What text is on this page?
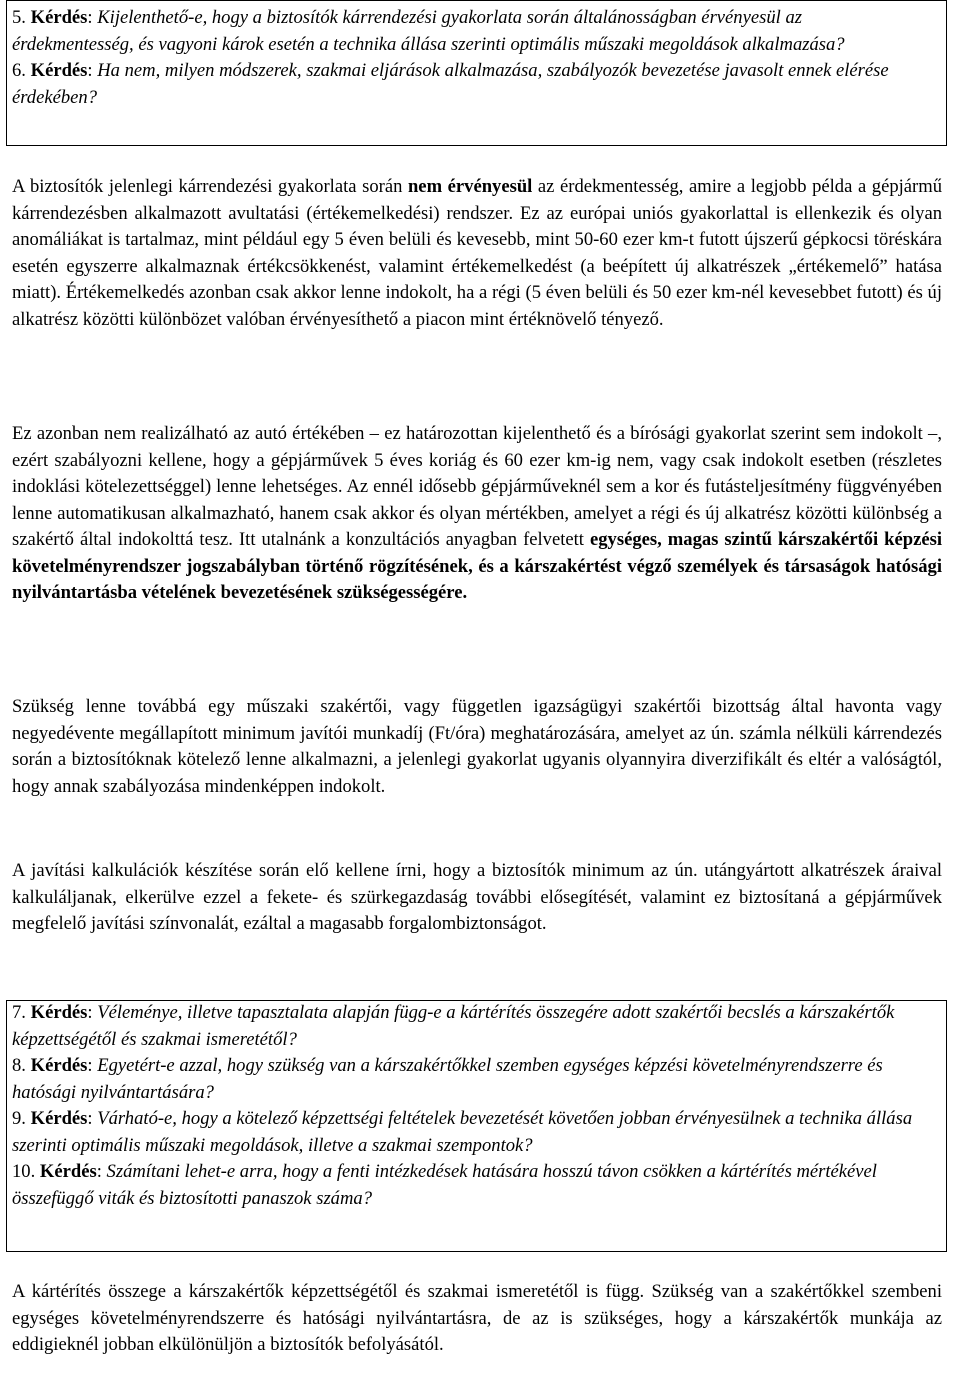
5. Kérdés: Kijelenthető-e, hogy a biztosítók kárrendezési gyakorlata során általánosságban érvényesül az érdekmentesség, és vagyoni károk esetén a technika állása szerinti optimális műszaki megoldások alkalmazása?

6. Kérdés: Ha nem, milyen módszerek, szakmai eljárások alkalmazása, szabályozók bevezetése javasolt ennek elérése érdekében?

A biztosítók jelenlegi kárrendezési gyakorlata során nem érvényesül az érdekmentesség, amire a legjobb példa a gépjármű kárrendezésben alkalmazott avultatási (értékemelkedési) rendszer. Ez az európai uniós gyakorlattal is ellenkezik és olyan anomáliákat is tartalmaz, mint például egy 5 éven belüli és kevesebb, mint 50-60 ezer km-t futott újszerű gépkocsi töréskára esetén egyszerre alkalmaznak értékcsökkenést, valamint értékemelkedést (a beépített új alkatrészek „értékemelő” hatása miatt). Értékemelkedés azonban csak akkor lenne indokolt, ha a régi (5 éven belüli és 50 ezer km-nél kevesebbet futott) és új alkatrész közötti különbözet valóban érvényesíthető a piacon mint értéknövelő tényező.

Ez azonban nem realizálható az autó értékében – ez határozottan kijelenthető és a bírósági gyakorlat szerint sem indokolt –, ezért szabályozni kellene, hogy a gépjárművek 5 éves koriág és 60 ezer km-ig nem, vagy csak indokolt esetben (részletes indoklási kötelezettséggel) lenne lehetséges. Az ennél idősebb gépjárműveknél sem a kor és futásteljesítmény függvényében lenne automatikusan alkalmazható, hanem csak akkor és olyan mértékben, amelyet a régi és új alkatrész közötti különbség a szakértő által indokolttá tesz. Itt utalnánk a konzultációs anyagban felvetett egységes, magas szintű kárszakértői képzési követelményrendszer jogszabályban történő rögzítésének, és a kárszakértést végző személyek és társaságok hatósági nyilvántartásba vételének bevezetésének szükségességére.

Szükség lenne továbbá egy műszaki szakértői, vagy független igazságügyi szakértői bizottság által havonta vagy negyedévente megállapított minimum javítói munkadíj (Ft/óra) meghatározására, amelyet az ún. számla nélküli kárrendezés során a biztosítóknak kötelező lenne alkalmazni, a jelenlegi gyakorlat ugyanis olyannyira diverzifikált és eltér a valóságtól, hogy annak szabályozása mindenképpen indokolt.

A javítási kalkulációk készítése során elő kellene írni, hogy a biztosítók minimum az ún. utángyártott alkatrészek áraival kalkuláljanak, elkerülve ezzel a fekete- és szürkegazdaság további elősegítését, valamint ez biztosítaná a gépjárművek megfelelő javítási színvonalát, ezáltal a magasabb forgalombiztonságot.

7. Kérdés: Véleménye, illetve tapasztalata alapján függ-e a kártérítés összegére adott szakértői becslés a kárszakértők képzettségétől és szakmai ismeretétől?

8. Kérdés: Egyetért-e azzal, hogy szükség van a kárszakértőkkel szemben egységes képzési követelményrendszerre és hatósági nyilvántartására?

9. Kérdés: Várható-e, hogy a kötelező képzettségi feltételek bevezetését követően jobban érvényesülnek a technika állása szerinti optimális műszaki megoldások, illetve a szakmai szempontok?

10. Kérdés: Számítani lehet-e arra, hogy a fenti intézkedések hatására hosszú távon csökken a kártérítés mértékével összefüggő viták és biztosítotti panaszok száma?

A kártérítés összege a kárszakértők képzettségétől és szakmai ismeretétől is függ. Szükség van a szakértőkkel szembeni egységes követelményrendszerre és hatósági nyilvántartásra, de az is szükséges, hogy a kárszakértők munkája az eddigieknél jobban elkülönüljön a biztosítók befolyásától.
